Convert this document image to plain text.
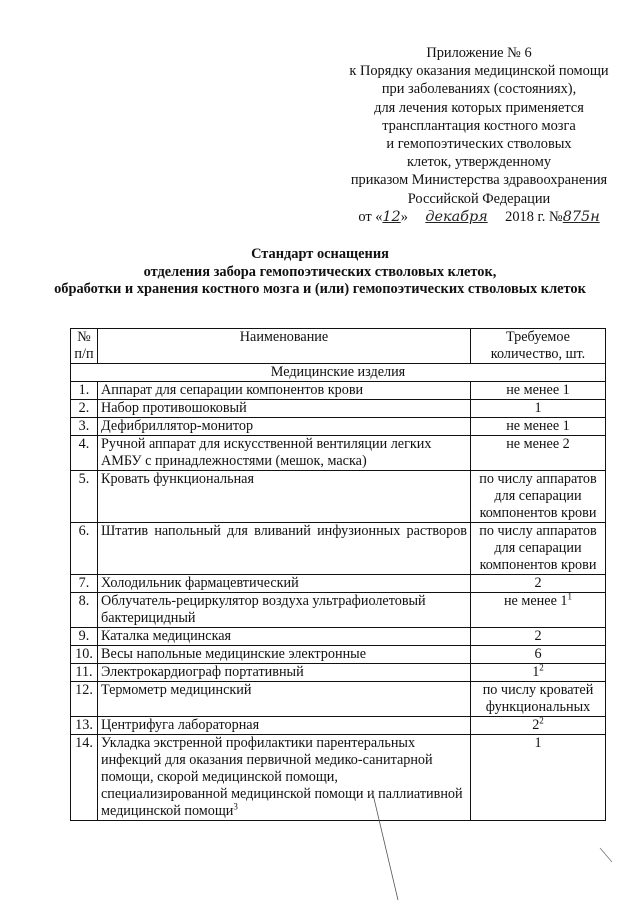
Приложение № 6
к Порядку оказания медицинской помощи
при заболеваниях (состояниях),
для лечения которых применяется
трансплантация костного мозга
и гемопоэтических стволовых
клеток, утвержденному
приказом Министерства здравоохранения
Российской Федерации
от «12» декабря 2018 г. №875н
Стандарт оснащения
отделения забора гемопоэтических стволовых клеток,
обработки и хранения костного мозга и (или) гемопоэтических стволовых клеток
№ п/п	Наименование	Требуемое количество, шт.
Медицинские изделия		
1.	Аппарат для сепарации компонентов крови	не менее 1
2.	Набор противошоковый	1
3.	Дефибриллятор-монитор	не менее 1
4.	Ручной аппарат для искусственной вентиляции легких АМБУ с принадлежностями (мешок, маска)	не менее 2
5.	Кровать функциональная	по числу аппаратов для сепарации компонентов крови
6.	Штатив напольный для вливаний инфузионных растворов	по числу аппаратов для сепарации компонентов крови
7.	Холодильник фармацевтический	2
8.	Облучатель-рециркулятор воздуха ультрафиолетовый бактерицидный	не менее $1^1$
9.	Каталка медицинская	2
10.	Весы напольные медицинские электронные	6
11.	Электрокардиограф портативный	$1^2$
12.	Термометр медицинский	по числу кроватей функциональных
13.	Центрифуга лабораторная	$2^2$
14.	Укладка экстренной профилактики парентеральных инфекций для оказания первичной медико-санитарной помощи, скорой медицинской помощи, специализированной медицинской помощи и паллиативной медицинской помощи$^3$	1
